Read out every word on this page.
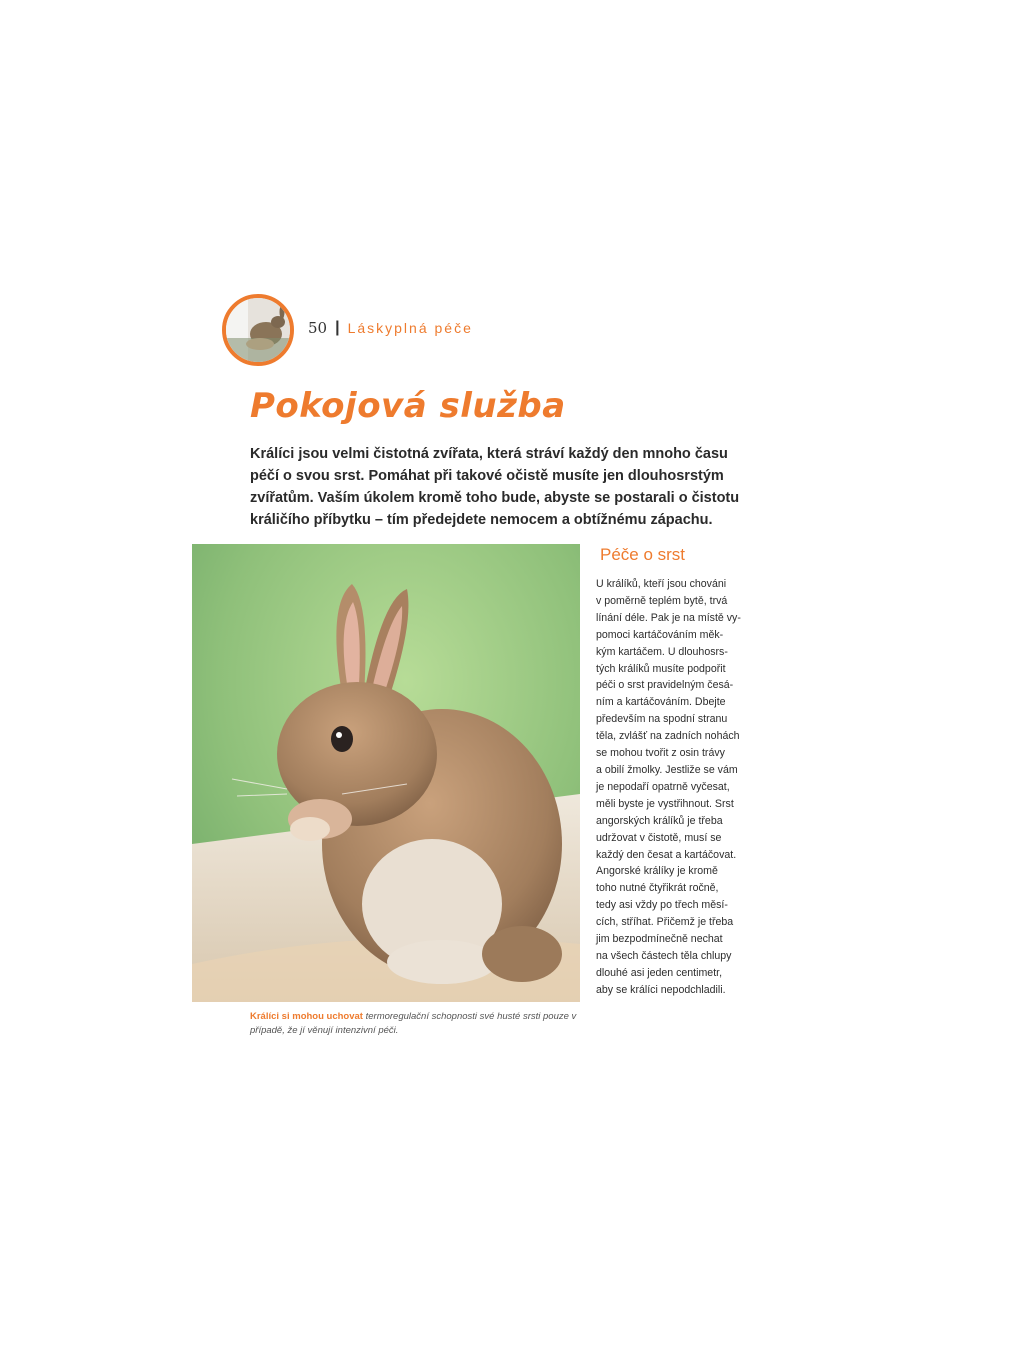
50 | Láskyplná péče
Pokojová služba

Králíci jsou velmi čistotná zvířata, která stráví každý den mnoho času péčí o svou srst. Pomáhat při takové očistě musíte jen dlouhosrstým zvířatům. Vaším úkolem kromě toho bude, abyste se postarali o čistotu králičího příbytku – tím předejdete nemocem a obtížnému zápachu.

Králíci si mohou uchovat termoregulační schopnosti své husté srsti pouze v případě, že jí věnují intenzivní péči.

Péče o srst
U králíků, kteří jsou chováni
v poměrně teplém bytě, trvá
línání déle. Pak je na místě vy-
pomoci kartáčováním měk-
kým kartáčem. U dlouhosrs-
tých králíků musíte podpořit
péči o srst pravidelným česá-
ním a kartáčováním. Dbejte
především na spodní stranu
těla, zvlášť na zadních nohách
se mohou tvořit z osin trávy
a obilí žmolky. Jestliže se vám
je nepodaří opatrně vyčesat,
měli byste je vystřihnout. Srst
angorských králíků je třeba
udržovat v čistotě, musí se
každý den česat a kartáčovat.
Angorské králíky je kromě
toho nutné čtyřikrát ročně,
tedy asi vždy po třech měsí-
cích, stříhat. Přičemž je třeba
jim bezpodmínečně nechat
na všech částech těla chlupy
dlouhé asi jeden centimetr,
aby se králíci nepodchladili.
